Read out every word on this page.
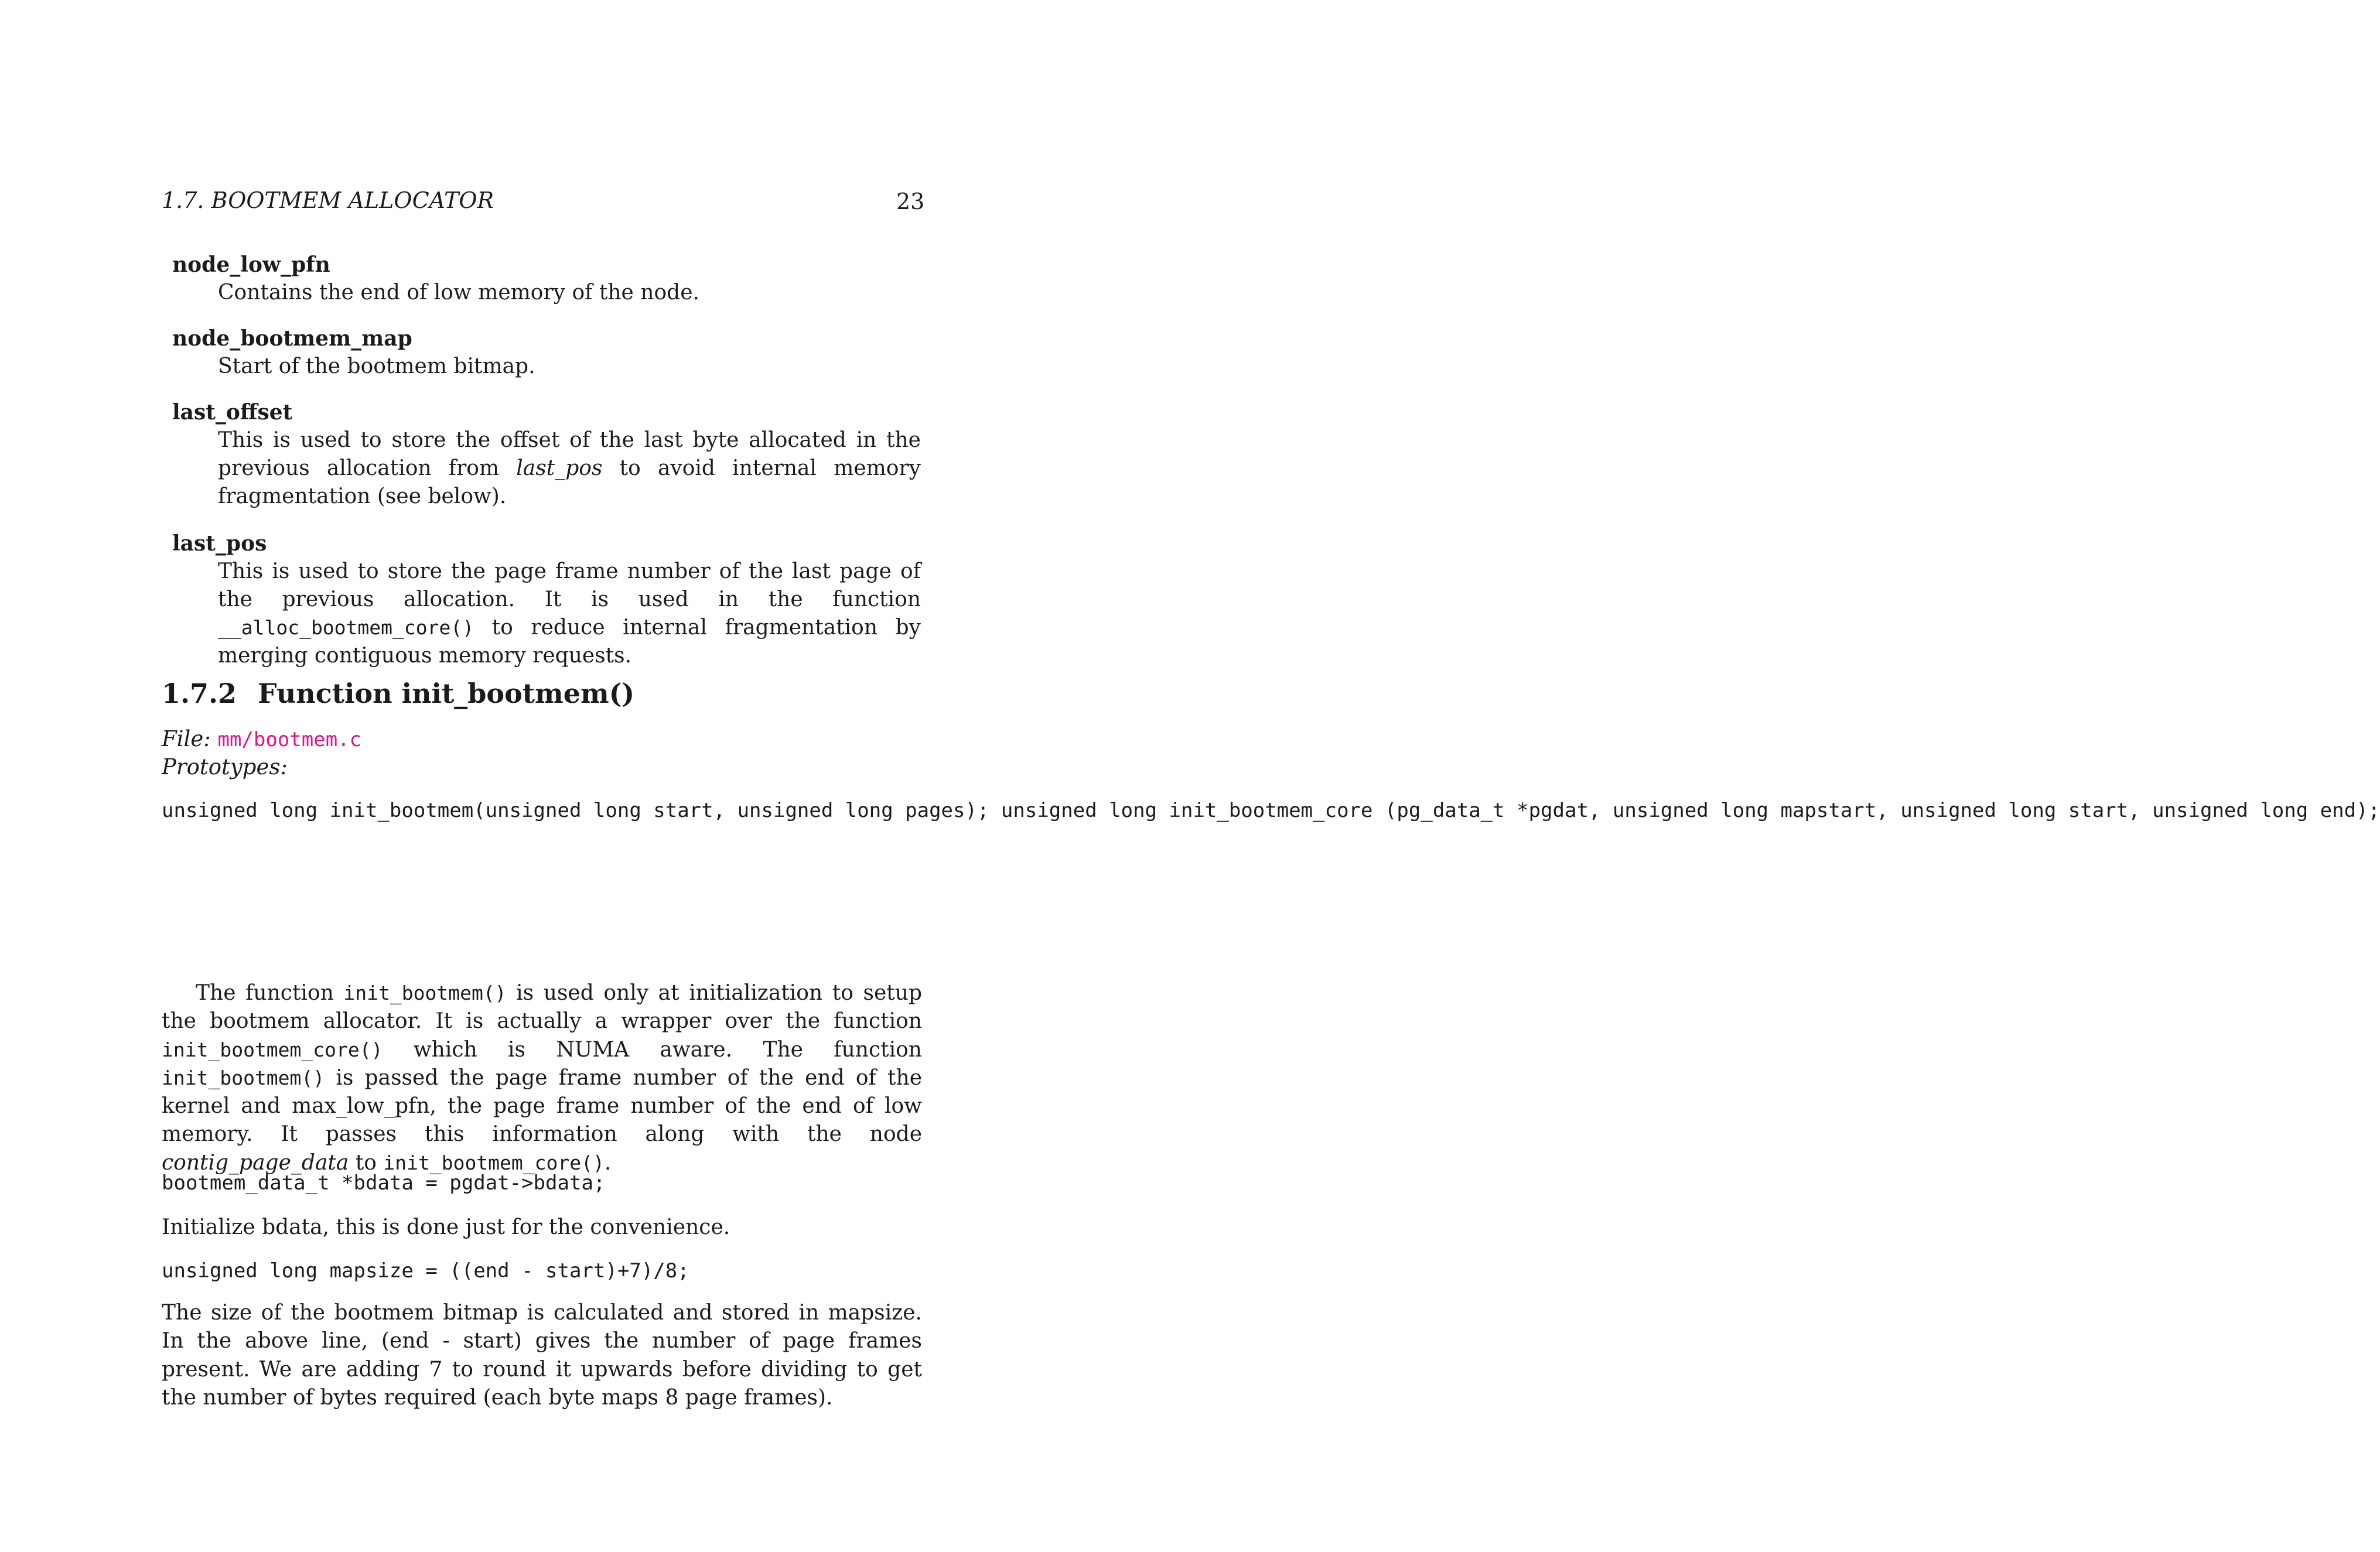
1.7. BOOTMEM ALLOCATOR	23
node_low_pfn
Contains the end of low memory of the node.
node_bootmem_map
Start of the bootmem bitmap.
last_offset
This is used to store the offset of the last byte allocated in the previous allocation from last_pos to avoid internal memory fragmentation (see below).
last_pos
This is used to store the page frame number of the last page of the previous allocation. It is used in the function __alloc_bootmem_core() to reduce internal fragmentation by merging contiguous memory requests.
1.7.2 Function init_bootmem()
File: mm/bootmem.c
Prototypes:
unsigned long init_bootmem(unsigned long start, unsigned long pages); unsigned long init_bootmem_core (pg_data_t *pgdat, unsigned long mapstart, unsigned long start, unsigned long end);
The function init_bootmem() is used only at initialization to setup the bootmem allocator. It is actually a wrapper over the function init_bootmem_core() which is NUMA aware. The function init_bootmem() is passed the page frame number of the end of the kernel and max_low_pfn, the page frame number of the end of low memory. It passes this information along with the node contig_page_data to init_bootmem_core().
bootmem_data_t *bdata = pgdat->bdata;
Initialize bdata, this is done just for the convenience.
unsigned long mapsize = ((end - start)+7)/8;
The size of the bootmem bitmap is calculated and stored in mapsize. In the above line, (end - start) gives the number of page frames present. We are adding 7 to round it upwards before dividing to get the number of bytes required (each byte maps 8 page frames).
